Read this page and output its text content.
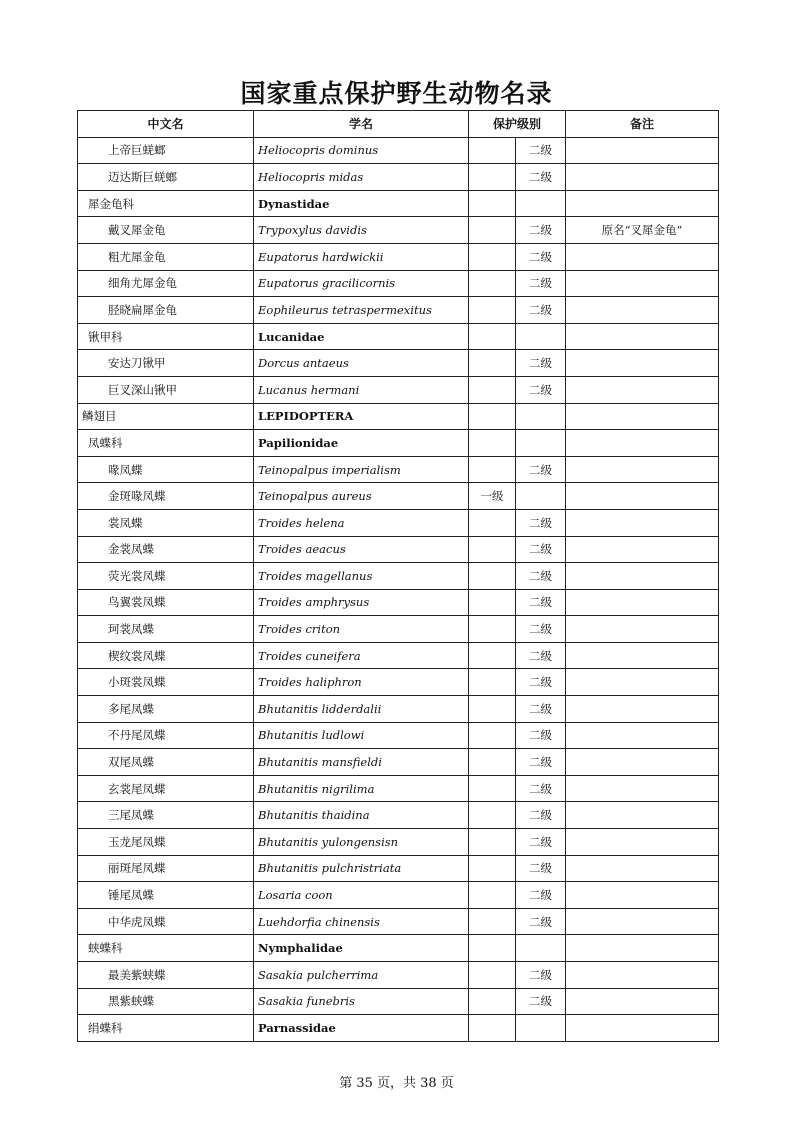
国家重点保护野生动物名录
中文名	学名	保护级别		备注
上帝巨蜣螂	Heliocopris dominus		二级	
迈达斯巨蜣螂	Heliocopris midas		二级	
犀金龟科	Dynastidae			
戴叉犀金龟	Trypoxylus davidis		二级	原名“叉犀金龟”
粗尤犀金龟	Eupatorus hardwickii		二级	
细角尤犀金龟	Eupatorus gracilicornis		二级	
胫晓扁犀金龟	Eophileurus tetraspermexitus		二级	
锹甲科	Lucanidae			
安达刀锹甲	Dorcus antaeus		二级	
巨叉深山锹甲	Lucanus hermani		二级	
鳞翅目	LEPIDOPTERA			
凤蝶科	Papilionidae			
喙凤蝶	Teinopalpus imperialism		二级	
金斑喙凤蝶	Teinopalpus aureus	一级		
裳凤蝶	Troides helena		二级	
金裳凤蝶	Troides aeacus		二级	
荧光裳凤蝶	Troides magellanus		二级	
鸟翼裳凤蝶	Troides amphrysus		二级	
珂裳凤蝶	Troides criton		二级	
楔纹裳凤蝶	Troides cuneifera		二级	
小斑裳凤蝶	Troides haliphron		二级	
多尾凤蝶	Bhutanitis lidderdalii		二级	
不丹尾凤蝶	Bhutanitis ludlowi		二级	
双尾凤蝶	Bhutanitis mansfieldi		二级	
玄裳尾凤蝶	Bhutanitis nigrilima		二级	
三尾凤蝶	Bhutanitis thaidina		二级	
玉龙尾凤蝶	Bhutanitis yulongensisn		二级	
丽斑尾凤蝶	Bhutanitis pulchristriata		二级	
锤尾凤蝶	Losaria coon		二级	
中华虎凤蝶	Luehdorfia chinensis		二级	
蛱蝶科	Nymphalidae			
最美紫蛱蝶	Sasakia pulcherrima		二级	
黑紫蛱蝶	Sasakia funebris		二级	
绢蝶科	Parnassidae			
第 35 页，共 38 页
